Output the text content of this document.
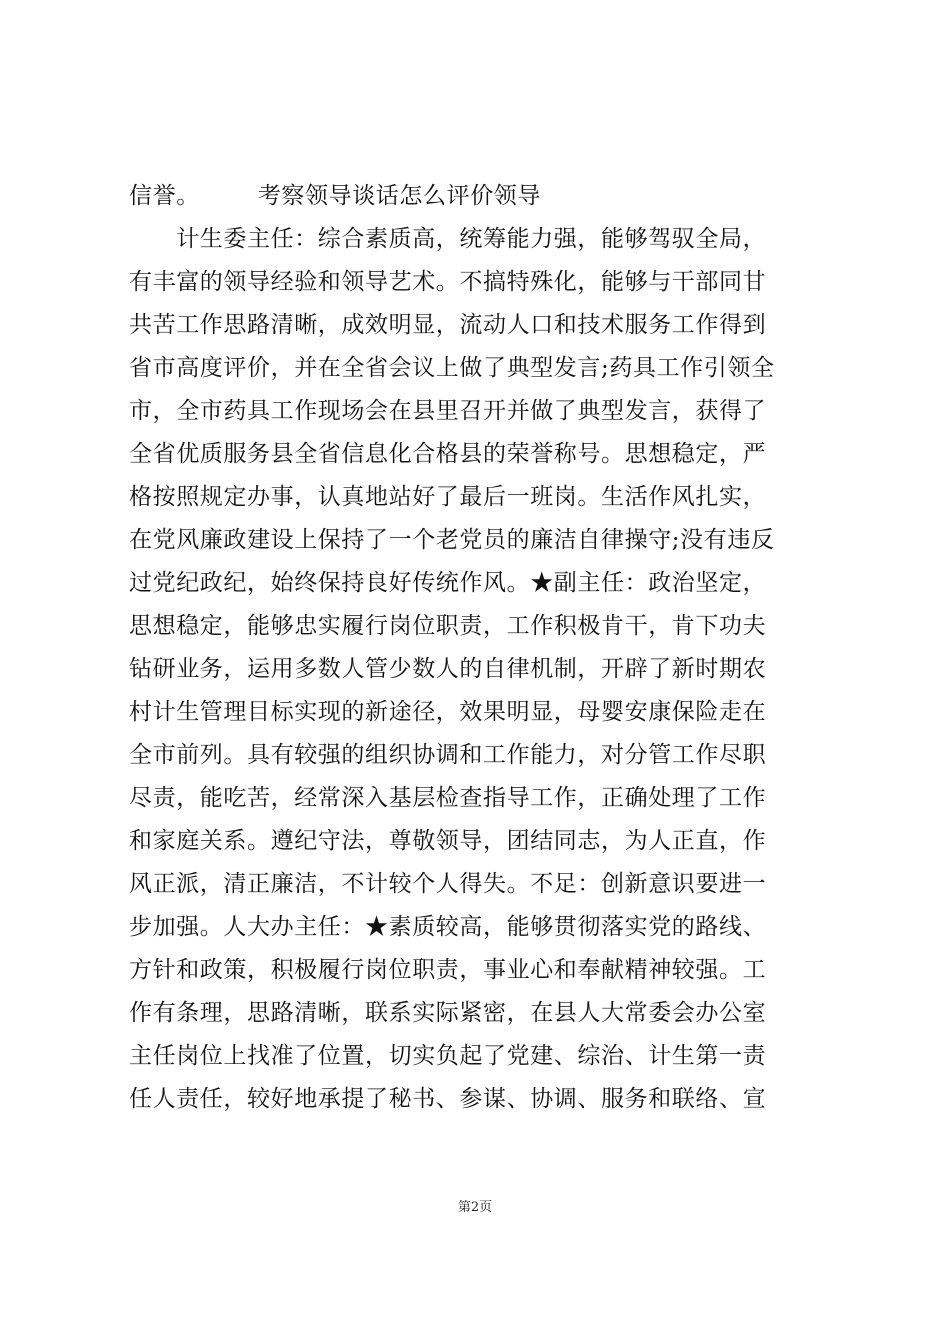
信誉。	考察领导谈话怎么评价领导
　　计生委主任：综合素质高，统筹能力强，能够驾驭全局，
有丰富的领导经验和领导艺术。不搞特殊化，能够与干部同甘
共苦工作思路清晰，成效明显，流动人口和技术服务工作得到
省市高度评价，并在全省会议上做了典型发言;药具工作引领全
市，全市药具工作现场会在县里召开并做了典型发言，获得了
全省优质服务县全省信息化合格县的荣誉称号。思想稳定，严
格按照规定办事，认真地站好了最后一班岗。生活作风扎实，
在党风廉政建设上保持了一个老党员的廉洁自律操守;没有违反
过党纪政纪，始终保持良好传统作风。★副主任：政治坚定，
思想稳定，能够忠实履行岗位职责，工作积极肯干，肯下功夫
钻研业务，运用多数人管少数人的自律机制，开辟了新时期农
村计生管理目标实现的新途径，效果明显，母婴安康保险走在
全市前列。具有较强的组织协调和工作能力，对分管工作尽职
尽责，能吃苦，经常深入基层检查指导工作，正确处理了工作
和家庭关系。遵纪守法，尊敬领导，团结同志，为人正直，作
风正派，清正廉洁，不计较个人得失。不足：创新意识要进一
步加强。人大办主任：★素质较高，能够贯彻落实党的路线、
方针和政策，积极履行岗位职责，事业心和奉献精神较强。工
作有条理，思路清晰，联系实际紧密，在县人大常委会办公室
主任岗位上找准了位置，切实负起了党建、综治、计生第一责
任人责任，较好地承提了秘书、参谋、协调、服务和联络、宣
第2页
